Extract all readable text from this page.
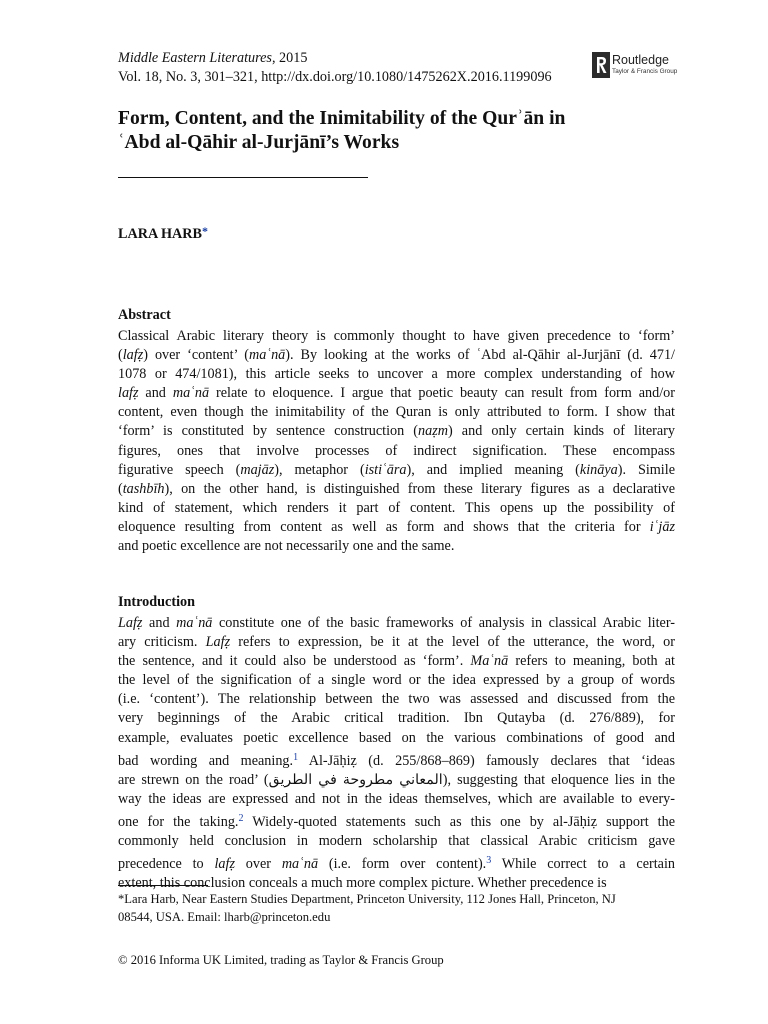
Middle Eastern Literatures, 2015
Vol. 18, No. 3, 301–321, http://dx.doi.org/10.1080/1475262X.2016.1199096
Routledge
Taylor & Francis Group
Form, Content, and the Inimitability of the Qurʾān in
ʿAbd al-Qāhir al-Jurjānī’s Works
LARA HARB*
Abstract
Classical Arabic literary theory is commonly thought to have given precedence to ‘form’
(lafẓ) over ‘content’ (maʿnā). By looking at the works of ʿAbd al-Qāhir al-Jurjānī (d. 471/
1078 or 474/1081), this article seeks to uncover a more complex understanding of how
lafẓ and maʿnā relate to eloquence. I argue that poetic beauty can result from form and/or
content, even though the inimitability of the Quran is only attributed to form. I show that
‘form’ is constituted by sentence construction (naẓm) and only certain kinds of literary
figures, ones that involve processes of indirect signification. These encompass
figurative speech (majāz), metaphor (istiʿāra), and implied meaning (kināya). Simile
(tashbīh), on the other hand, is distinguished from these literary figures as a declarative
kind of statement, which renders it part of content. This opens up the possibility of
eloquence resulting from content as well as form and shows that the criteria for iʿjāz
and poetic excellence are not necessarily one and the same.
Introduction
Lafẓ and maʿnā constitute one of the basic frameworks of analysis in classical Arabic liter-
ary criticism. Lafẓ refers to expression, be it at the level of the utterance, the word, or
the sentence, and it could also be understood as ‘form’. Maʿnā refers to meaning, both at
the level of the signification of a single word or the idea expressed by a group of words
(i.e. ‘content’). The relationship between the two was assessed and discussed from the
very beginnings of the Arabic critical tradition. Ibn Qutayba (d. 276/889), for
example, evaluates poetic excellence based on the various combinations of good and
bad wording and meaning.$^1$ Al-Jāḥiẓ (d. 255/868–869) famously declares that ‘ideas
are strewn on the road’ (المعاني مطروحة في الطريق), suggesting that eloquence lies in the
way the ideas are expressed and not in the ideas themselves, which are available to every-
one for the taking.$^2$ Widely-quoted statements such as this one by al-Jāḥiẓ support the
commonly held conclusion in modern scholarship that classical Arabic criticism gave
precedence to lafẓ over maʿnā (i.e. form over content).$^3$ While correct to a certain
extent, this conclusion conceals a much more complex picture. Whether precedence is
*Lara Harb, Near Eastern Studies Department, Princeton University, 112 Jones Hall, Princeton, NJ
08544, USA. Email: lharb@princeton.edu
© 2016 Informa UK Limited, trading as Taylor & Francis Group
